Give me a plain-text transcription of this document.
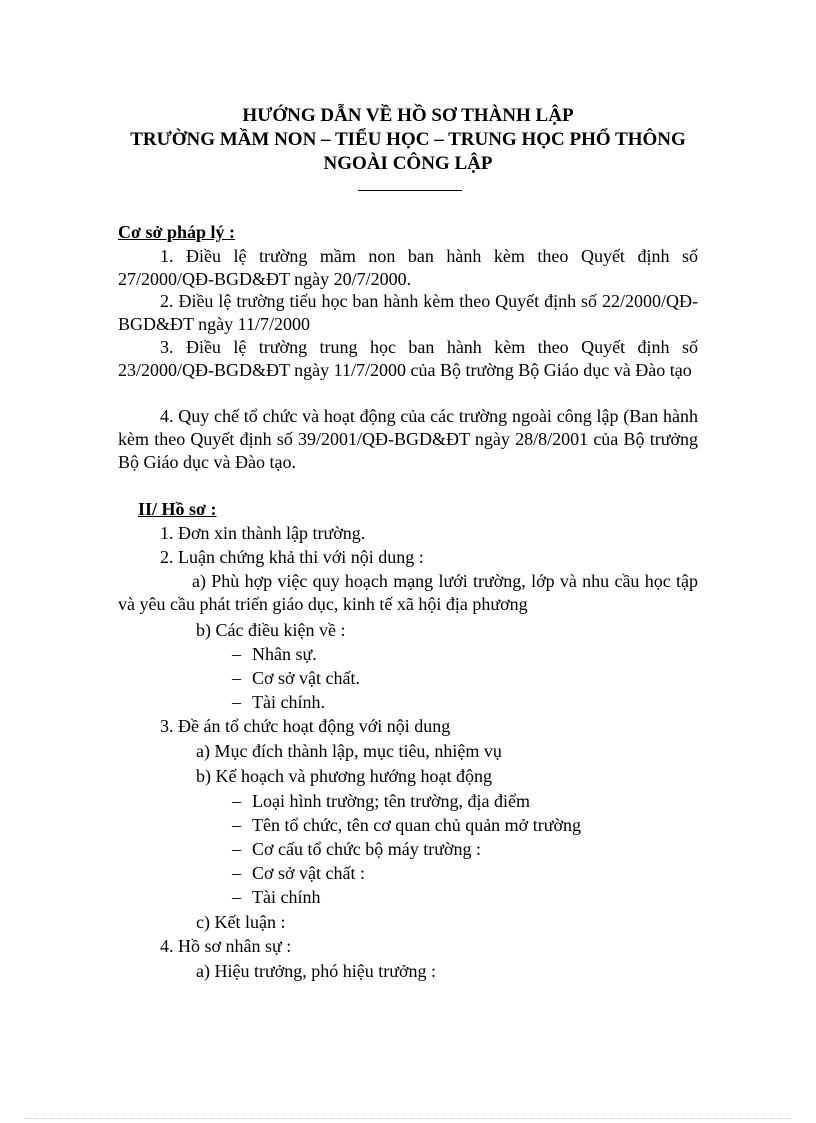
HƯỚNG DẪN VỀ HỒ SƠ THÀNH LẬP
TRƯỜNG MẦM NON – TIỂU HỌC – TRUNG HỌC PHỔ THÔNG
NGOÀI CÔNG LẬP
Cơ sở pháp lý :
1. Điều lệ trường mầm non ban hành kèm theo Quyết định số 27/2000/QĐ-BGD&ĐT ngày 20/7/2000.
2. Điều lệ trường tiểu học ban hành kèm theo Quyết định số 22/2000/QĐ-BGD&ĐT ngày 11/7/2000
3. Điều lệ trường trung học ban hành kèm theo Quyết định số 23/2000/QĐ-BGD&ĐT ngày 11/7/2000 của Bộ trường Bộ Giáo dục và Đào tạo
4. Quy chế tổ chức và hoạt động của các trường ngoài công lập (Ban hành kèm theo Quyết định số 39/2001/QĐ-BGD&ĐT ngày 28/8/2001 của Bộ trưởng Bộ Giáo dục và Đào tạo.
II/ Hồ sơ :
1. Đơn xin thành lập trường.
2. Luận chứng khả thi với nội dung :
a) Phù hợp việc quy hoạch mạng lưới trường, lớp và nhu cầu học tập và yêu cầu phát triển giáo dục, kinh tế xã hội địa phương
b) Các điều kiện về :
– Nhân sự.
– Cơ sở vật chất.
– Tài chính.
3. Đề án tổ chức hoạt động với nội dung
a) Mục đích thành lập, mục tiêu, nhiệm vụ
b) Kế hoạch và phương hướng hoạt động
– Loại hình trường; tên trường, địa điểm
– Tên tổ chức, tên cơ quan chủ quản mở trường
– Cơ cấu tổ chức bộ máy trường :
– Cơ sở vật chất :
– Tài chính
c) Kết luận :
4. Hồ sơ nhân sự :
a) Hiệu trưởng, phó hiệu trưởng :
